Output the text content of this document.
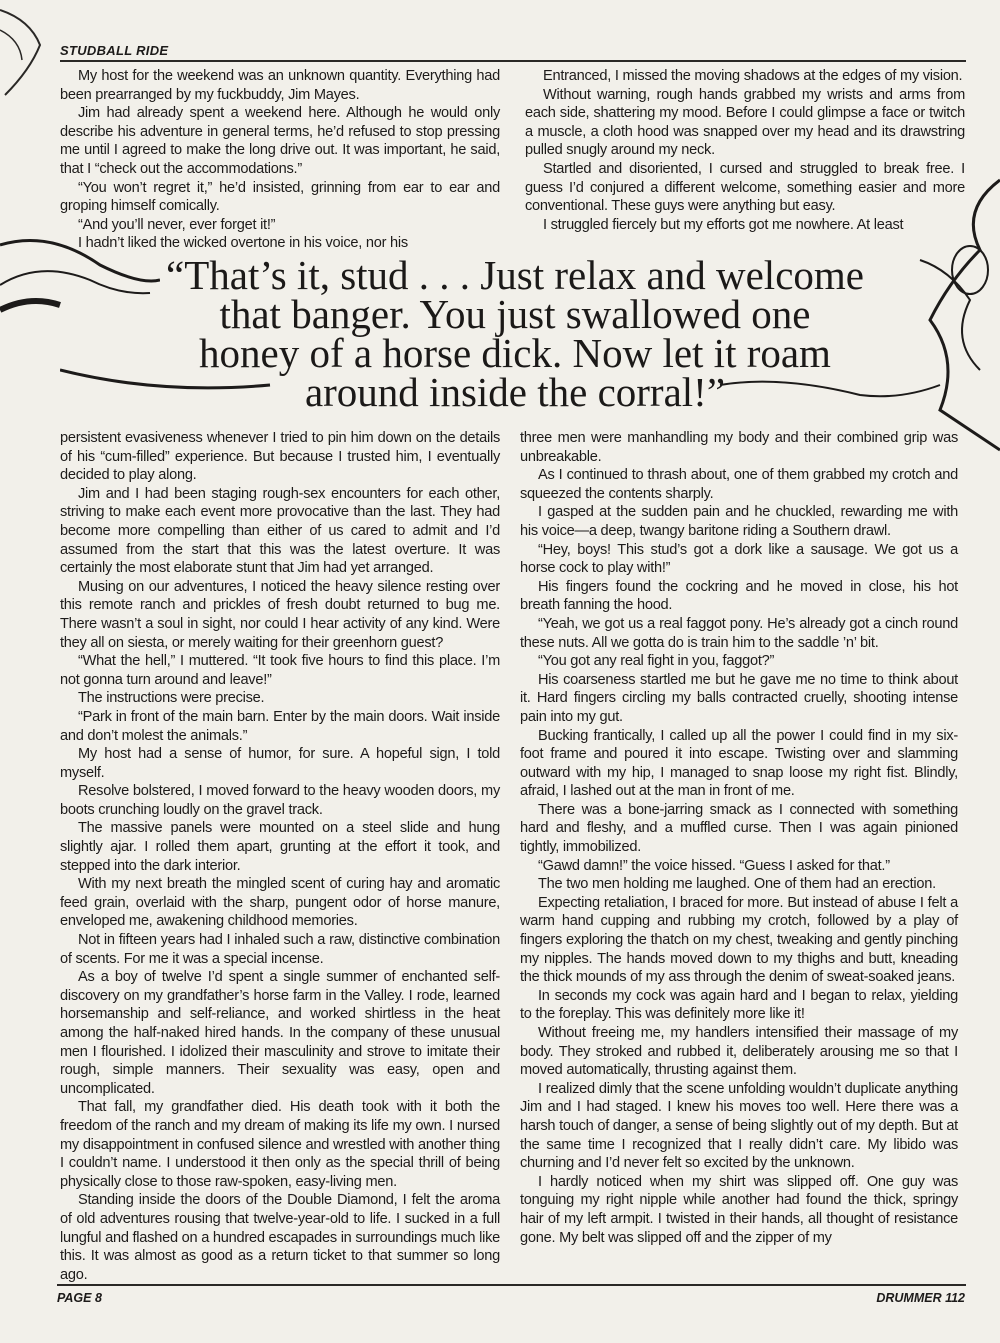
STUDBALL RIDE

My host for the weekend was an unknown quantity. Everything had been prearranged by my fuckbuddy, Jim Mayes.

Jim had already spent a weekend here. Although he would only describe his adventure in general terms, he’d refused to stop pressing me until I agreed to make the long drive out. It was important, he said, that I “check out the accommodations.”

“You won’t regret it,” he’d insisted, grinning from ear to ear and groping himself comically.

“And you’ll never, ever forget it!”

I hadn’t liked the wicked overtone in his voice, nor his

Entranced, I missed the moving shadows at the edges of my vision.

Without warning, rough hands grabbed my wrists and arms from each side, shattering my mood. Before I could glimpse a face or twitch a muscle, a cloth hood was snapped over my head and its drawstring pulled snugly around my neck.

Startled and disoriented, I cursed and struggled to break free. I guess I’d conjured a different welcome, something easier and more conventional. These guys were anything but easy.

I struggled fiercely but my efforts got me nowhere. At least

“That’s it, stud . . . Just relax and welcome
that banger. You just swallowed one
honey of a horse dick. Now let it roam
around inside the corral!”

persistent evasiveness whenever I tried to pin him down on the details of his “cum-filled” experience. But because I trusted him, I eventually decided to play along.

Jim and I had been staging rough-sex encounters for each other, striving to make each event more provocative than the last. They had become more compelling than either of us cared to admit and I’d assumed from the start that this was the latest overture. It was certainly the most elaborate stunt that Jim had yet arranged.

Musing on our adventures, I noticed the heavy silence resting over this remote ranch and prickles of fresh doubt returned to bug me. There wasn’t a soul in sight, nor could I hear activity of any kind. Were they all on siesta, or merely waiting for their greenhorn guest?

“What the hell,” I muttered. “It took five hours to find this place. I’m not gonna turn around and leave!”

The instructions were precise.

“Park in front of the main barn. Enter by the main doors. Wait inside and don’t molest the animals.”

My host had a sense of humor, for sure. A hopeful sign, I told myself.

Resolve bolstered, I moved forward to the heavy wooden doors, my boots crunching loudly on the gravel track.

The massive panels were mounted on a steel slide and hung slightly ajar. I rolled them apart, grunting at the effort it took, and stepped into the dark interior.

With my next breath the mingled scent of curing hay and aromatic feed grain, overlaid with the sharp, pungent odor of horse manure, enveloped me, awakening childhood memories.

Not in fifteen years had I inhaled such a raw, distinctive combination of scents. For me it was a special incense.

As a boy of twelve I’d spent a single summer of enchanted self-discovery on my grandfather’s horse farm in the Valley. I rode, learned horsemanship and self-reliance, and worked shirtless in the heat among the half-naked hired hands. In the company of these unusual men I flourished. I idolized their masculinity and strove to imitate their rough, simple manners. Their sexuality was easy, open and uncomplicated.

That fall, my grandfather died. His death took with it both the freedom of the ranch and my dream of making its life my own. I nursed my disappointment in confused silence and wrestled with another thing I couldn’t name. I understood it then only as the special thrill of being physically close to those raw-spoken, easy-living men.

Standing inside the doors of the Double Diamond, I felt the aroma of old adventures rousing that twelve-year-old to life. I sucked in a full lungful and flashed on a hundred escapades in surroundings much like this. It was almost as good as a return ticket to that summer so long ago.

three men were manhandling my body and their combined grip was unbreakable.

As I continued to thrash about, one of them grabbed my crotch and squeezed the contents sharply.

I gasped at the sudden pain and he chuckled, rewarding me with his voice—a deep, twangy baritone riding a Southern drawl.

“Hey, boys! This stud’s got a dork like a sausage. We got us a horse cock to play with!”

His fingers found the cockring and he moved in close, his hot breath fanning the hood.

“Yeah, we got us a real faggot pony. He’s already got a cinch round these nuts. All we gotta do is train him to the saddle ’n’ bit.

“You got any real fight in you, faggot?”

His coarseness startled me but he gave me no time to think about it. Hard fingers circling my balls contracted cruelly, shooting intense pain into my gut.

Bucking frantically, I called up all the power I could find in my six-foot frame and poured it into escape. Twisting over and slamming outward with my hip, I managed to snap loose my right fist. Blindly, afraid, I lashed out at the man in front of me.

There was a bone-jarring smack as I connected with something hard and fleshy, and a muffled curse. Then I was again pinioned tightly, immobilized.

“Gawd damn!” the voice hissed. “Guess I asked for that.”

The two men holding me laughed. One of them had an erection.

Expecting retaliation, I braced for more. But instead of abuse I felt a warm hand cupping and rubbing my crotch, followed by a play of fingers exploring the thatch on my chest, tweaking and gently pinching my nipples. The hands moved down to my thighs and butt, kneading the thick mounds of my ass through the denim of sweat-soaked jeans.

In seconds my cock was again hard and I began to relax, yielding to the foreplay. This was definitely more like it!

Without freeing me, my handlers intensified their massage of my body. They stroked and rubbed it, deliberately arousing me so that I moved automatically, thrusting against them.

I realized dimly that the scene unfolding wouldn’t duplicate anything Jim and I had staged. I knew his moves too well. Here there was a harsh touch of danger, a sense of being slightly out of my depth. But at the same time I recognized that I really didn’t care. My libido was churning and I’d never felt so excited by the unknown.

I hardly noticed when my shirt was slipped off. One guy was tonguing my right nipple while another had found the thick, springy hair of my left armpit. I twisted in their hands, all thought of resistance gone. My belt was slipped off and the zipper of my

PAGE 8	DRUMMER 112
